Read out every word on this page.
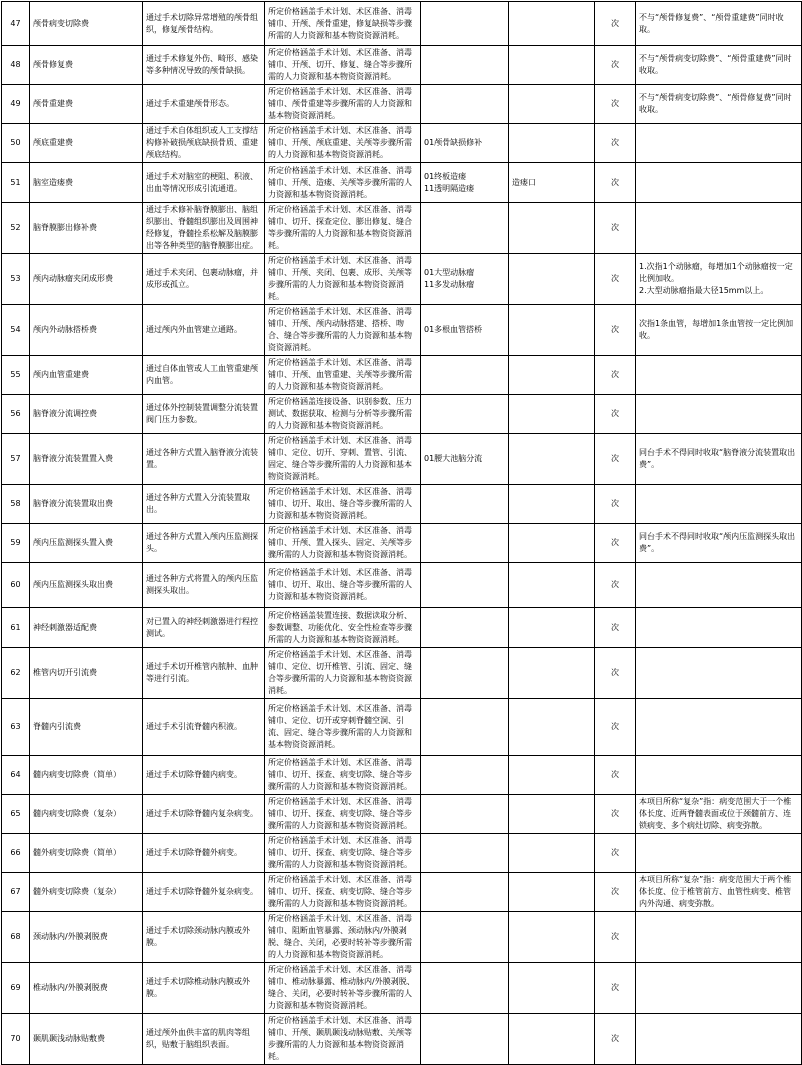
47	颅骨病变切除费	通过手术切除异常增殖的颅骨组织，修复颅骨结构。	所定价格涵盖手术计划、术区准备、消毒铺巾、开颅、颅骨重建，修复缺损等步骤所需的人力资源和基本物资资源消耗。			次	不与“颅骨修复费”、“颅骨重建费”同时收取。
48	颅骨修复费	通过手术修复外伤、畸形、感染等多种情况导致的颅骨缺损。	所定价格涵盖手术计划、术区准备、消毒铺巾、开颅、切开、修复、缝合等步骤所需的人力资源和基本物资资源消耗。			次	不与“颅骨病变切除费”、“颅骨重建费”同时收取。
49	颅骨重建费	通过手术重建颅骨形态。	所定价格涵盖手术计划、术区准备、消毒铺巾、颅骨重建等步骤所需的人力资源和基本物资资源消耗。			次	不与“颅骨病变切除费”、“颅骨修复费”同时收取。
50	颅底重建费	通过手术自体组织或人工支撑结构修补破损颅底缺损骨质、重建颅底结构。	所定价格涵盖手术计划、术区准备、消毒铺巾、开颅、颅底重建、关颅等步骤所需的人力资源和基本物资资源消耗。	01颅骨缺损修补		次	
51	脑室造瘘费	通过手术对脑室的梗阻、积液、出血等情况形成引流通道。	所定价格涵盖手术计划、术区准备、消毒铺巾、开颅、造瘘、关颅等步骤所需的人力资源和基本物资资源消耗。	01终板造瘘
11透明隔造瘘	造瘘口	次	
52	脑脊膜膨出修补费	通过手术修补脑脊膜膨出、脑组织膨出、脊髓组织膨出及周围神经修复，脊髓拴系松解及脑膜膨出等各种类型的脑脊膜膨出症。	所定价格涵盖手术计划、术区准备、消毒铺巾、切开、探查定位、膨出修复、缝合等步骤所需的人力资源和基本物资资源消耗。			次	
53	颅内动脉瘤夹闭成形费	通过手术夹闭、包裹动脉瘤，并成形或孤立。	所定价格涵盖手术计划、术区准备、消毒铺巾、开颅、夹闭、包裹、成形、关颅等步骤所需的人力资源和基本物资资源消耗。	01大型动脉瘤
11多发动脉瘤		次	1.次指1个动脉瘤，每增加1个动脉瘤按一定比例加收。
2.大型动脉瘤指最大径15mm以上。
54	颅内外动脉搭桥费	通过颅内外血管建立通路。	所定价格涵盖手术计划、术区准备、消毒铺巾、开颅、颅内动脉搭建、搭桥、吻合、缝合等步骤所需的人力资源和基本物资资源消耗。	01多根血管搭桥		次	次指1条血管，每增加1条血管按一定比例加收。
55	颅内血管重建费	通过自体血管或人工血管重建颅内血管。	所定价格涵盖手术计划、术区准备、消毒铺巾、开颅、血管重建、关颅等步骤所需的人力资源和基本物资资源消耗。			次	
56	脑脊液分流调控费	通过体外控制装置调整分流装置阀门压力参数。	所定价格涵盖连接设备、识别参数、压力测试、数据获取、检测与分析等步骤所需的人力资源和基本物资资源消耗。			次	
57	脑脊液分流装置置入费	通过各种方式置入脑脊液分流装置。	所定价格涵盖手术计划、术区准备、消毒铺巾、定位、切开、穿刺、置管、引流、固定、缝合等步骤所需的人力资源和基本物资资源消耗。	01腰大池脑分流		次	同台手术不得同时收取“脑脊液分流装置取出费”。
58	脑脊液分流装置取出费	通过各种方式置入分流装置取出。	所定价格涵盖手术计划、术区准备、消毒铺巾、切开、取出、缝合等步骤所需的人力资源和基本物资资源消耗。			次	
59	颅内压监测探头置入费	通过各种方式置入颅内压监测探头。	所定价格涵盖手术计划、术区准备、消毒铺巾、开颅、置入探头、固定、关颅等步骤所需的人力资源和基本物资资源消耗。			次	同台手术不得同时收取“颅内压监测探头取出费”。
60	颅内压监测探头取出费	通过各种方式将置入的颅内压监测探头取出。	所定价格涵盖手术计划、术区准备、消毒铺巾、切开、取出、缝合等步骤所需的人力资源和基本物资资源消耗。			次	
61	神经刺激器适配费	对已置入的神经刺激器进行程控测试。	所定价格涵盖装置连接、数据读取分析、参数调整、功能优化、安全性检查等步骤所需的人力资源和基本物资资源消耗。			次	
62	椎管内切开引流费	通过手术切开椎管内脓肿、血肿等进行引流。	所定价格涵盖手术计划、术区准备、消毒铺巾、定位、切开椎管、引流、固定、缝合等步骤所需的人力资源和基本物资资源消耗。			次	
63	脊髓内引流费	通过手术引流脊髓内积液。	所定价格涵盖手术计划、术区准备、消毒铺巾、定位、切开或穿刺脊髓空洞、引流、固定、缝合等步骤所需的人力资源和基本物资资源消耗。			次	
64	髓内病变切除费（简单）	通过手术切除脊髓内病变。	所定价格涵盖手术计划、术区准备、消毒铺巾、切开、探查、病变切除、缝合等步骤所需的人力资源和基本物资资源消耗。			次	
65	髓内病变切除费（复杂）	通过手术切除脊髓内复杂病变。	所定价格涵盖手术计划、术区准备、消毒铺巾、切开、探查、病变切除、缝合等步骤所需的人力资源和基本物资资源消耗。			次	本项目所称“复杂”指：病变范围大于一个椎体长度、近两脊髓表面或位于颈髓前方、连锁病变、多个病灶切除、病变弥散。
66	髓外病变切除费（简单）	通过手术切除脊髓外病变。	所定价格涵盖手术计划、术区准备、消毒铺巾、切开、探查、病变切除、缝合等步骤所需的人力资源和基本物资资源消耗。			次	
67	髓外病变切除费（复杂）	通过手术切除脊髓外复杂病变。	所定价格涵盖手术计划、术区准备、消毒铺巾、切开、探查、病变切除、缝合等步骤所需的人力资源和基本物资资源消耗。			次	本项目所称“复杂”指：病变范围大于两个椎体长度、位于椎管前方、血管性病变、椎管内外沟通、病变弥散。
68	颈动脉内/外膜剥脱费	通过手术切除颈动脉内膜或外膜。	所定价格涵盖手术计划、术区准备、消毒铺巾、阻断血管暴露、颈动脉内/外膜剥脱、缝合、关闭，必要时转补等步骤所需的人力资源和基本物资资源消耗。			次	
69	椎动脉内/外膜剥脱费	通过手术切除椎动脉内膜或外膜。	所定价格涵盖手术计划、术区准备、消毒铺巾、椎动脉暴露、椎动脉内/外膜剥脱、缝合、关闭，必要时转补等步骤所需的人力资源和基本物资资源消耗。			次	
70	颞肌颞浅动脉贴敷费	通过颅外血供丰富的肌肉等组织，贴敷于脑组织表面。	所定价格涵盖手术计划、术区准备、消毒铺巾、开颅、颞肌颞浅动脉贴敷、关颅等步骤所需的人力资源和基本物资资源消耗。			次	
